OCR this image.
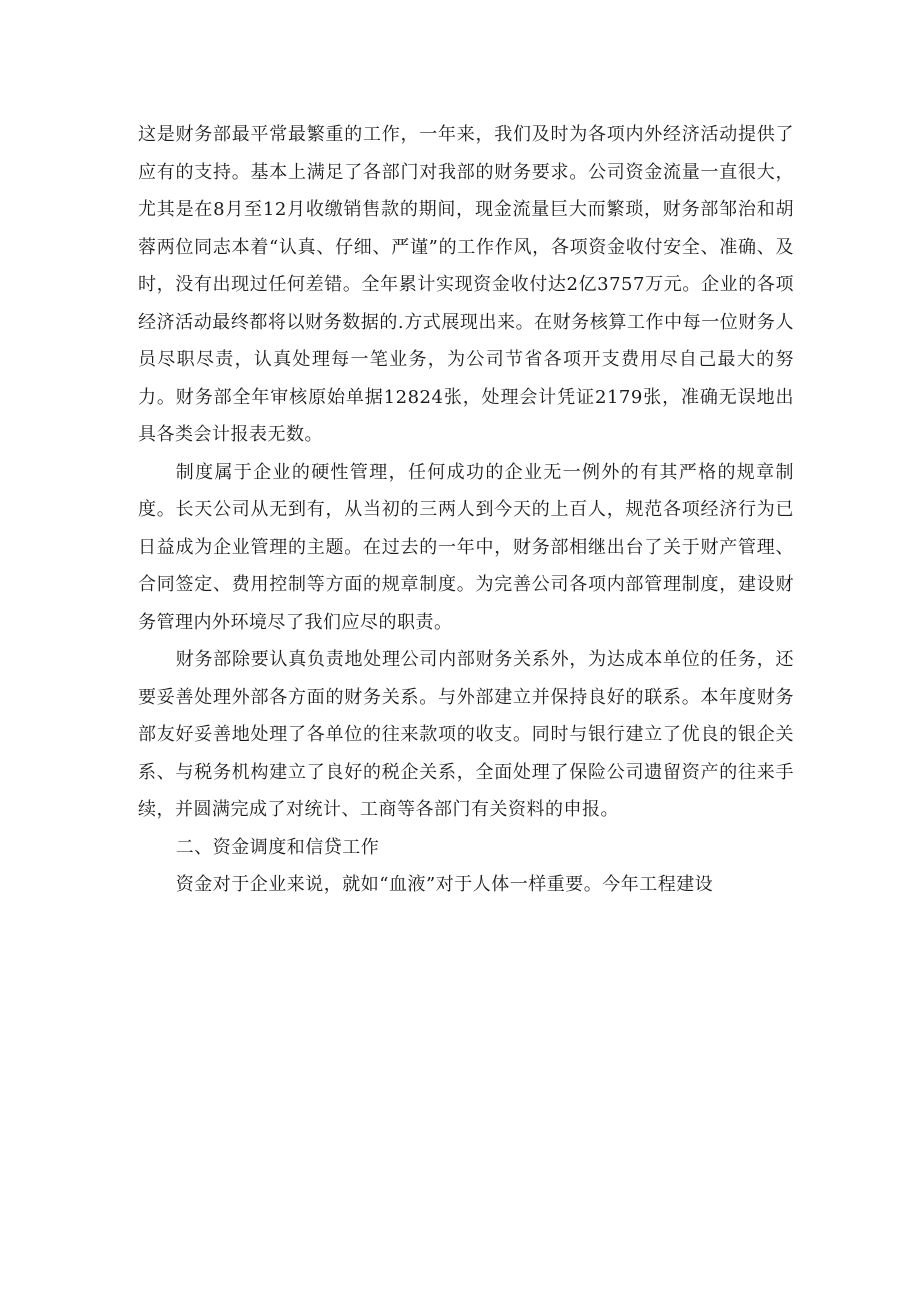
这是财务部最平常最繁重的工作，一年来，我们及时为各项内外经济活动提供了应有的支持。基本上满足了各部门对我部的财务要求。公司资金流量一直很大，尤其是在8月至12月收缴销售款的期间，现金流量巨大而繁琐，财务部邹治和胡蓉两位同志本着“认真、仔细、严谨”的工作作风，各项资金收付安全、准确、及时，没有出现过任何差错。全年累计实现资金收付达2亿3757万元。企业的各项经济活动最终都将以财务数据的.方式展现出来。在财务核算工作中每一位财务人员尽职尽责，认真处理每一笔业务，为公司节省各项开支费用尽自己最大的努力。财务部全年审核原始单据12824张，处理会计凭证2179张，准确无误地出具各类会计报表无数。

制度属于企业的硬性管理，任何成功的企业无一例外的有其严格的规章制度。长天公司从无到有，从当初的三两人到今天的上百人，规范各项经济行为已日益成为企业管理的主题。在过去的一年中，财务部相继出台了关于财产管理、合同签定、费用控制等方面的规章制度。为完善公司各项内部管理制度，建设财务管理内外环境尽了我们应尽的职责。

财务部除要认真负责地处理公司内部财务关系外，为达成本单位的任务，还要妥善处理外部各方面的财务关系。与外部建立并保持良好的联系。本年度财务部友好妥善地处理了各单位的往来款项的收支。同时与银行建立了优良的银企关系、与税务机构建立了良好的税企关系，全面处理了保险公司遗留资产的往来手续，并圆满完成了对统计、工商等各部门有关资料的申报。

二、资金调度和信贷工作

资金对于企业来说，就如“血液”对于人体一样重要。今年工程建设
